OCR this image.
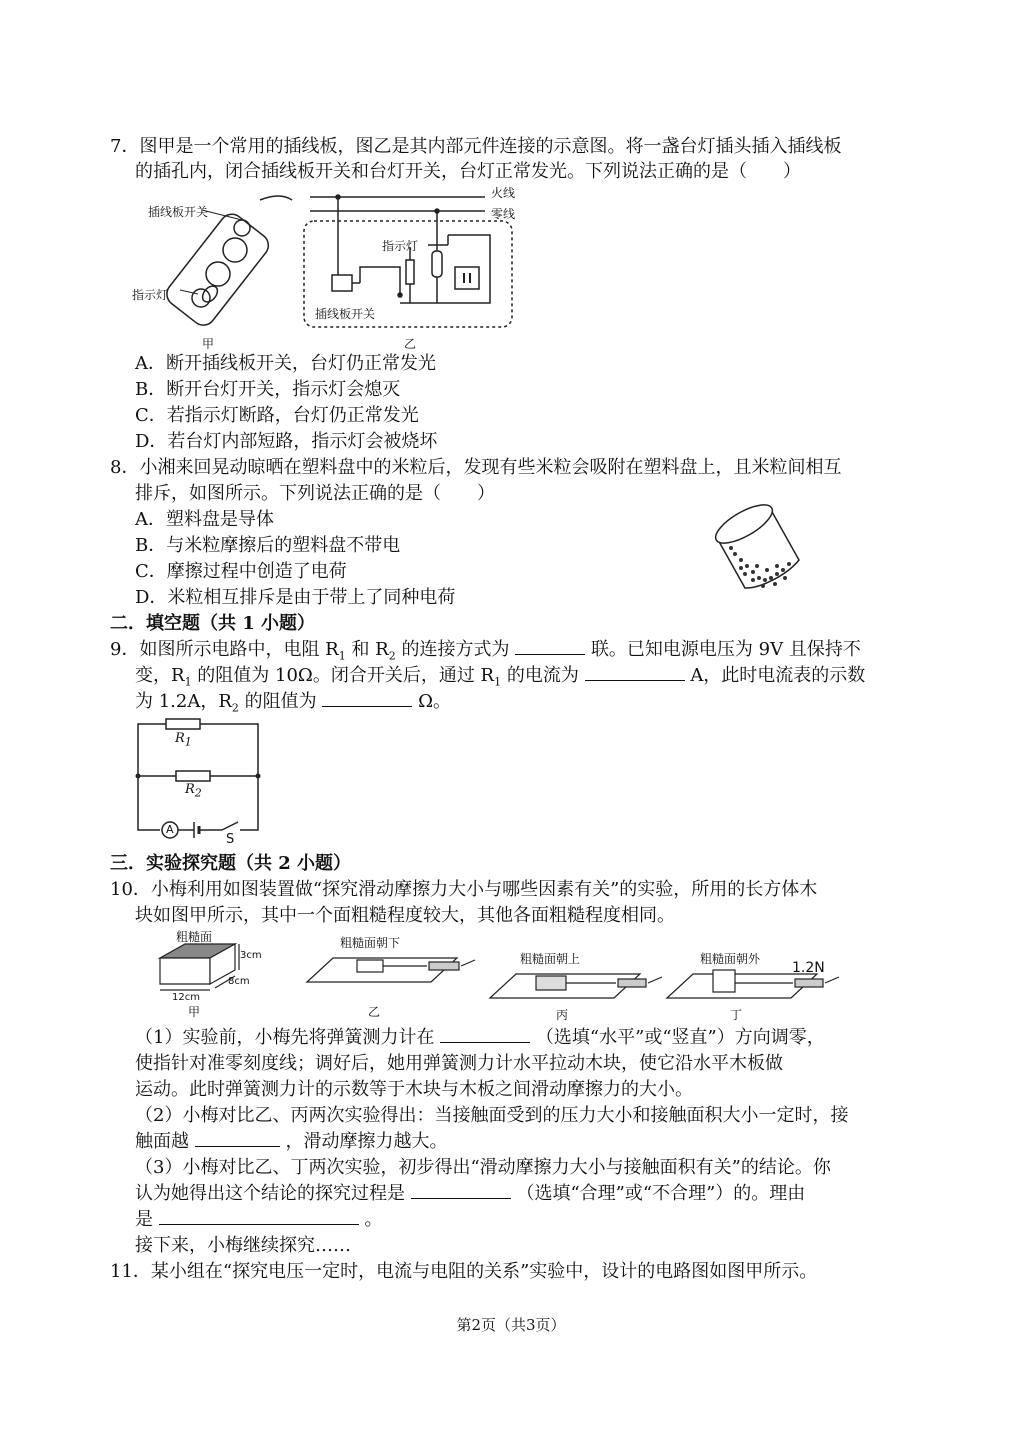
7．图甲是一个常用的插线板，图乙是其内部元件连接的示意图。将一盏台灯插头插入插线板
的插孔内，闭合插线板开关和台灯开关，台灯正常发光。下列说法正确的是（　　）
插线板开关
指示灯
甲
火线
零线
指示灯
插线板开关
乙
A．断开插线板开关，台灯仍正常发光
B．断开台灯开关，指示灯会熄灭
C．若指示灯断路，台灯仍正常发光
D．若台灯内部短路，指示灯会被烧坏
8．小湘来回晃动晾晒在塑料盘中的米粒后，发现有些米粒会吸附在塑料盘上，且米粒间相互
排斥，如图所示。下列说法正确的是（　　）
A．塑料盘是导体
B．与米粒摩擦后的塑料盘不带电
C．摩擦过程中创造了电荷
D．米粒相互排斥是由于带上了同种电荷
二．填空题（共 1 小题）
9．如图所示电路中，电阻 $R_1$ 和 $R_2$ 的连接方式为	联。已知电源电压为 9V 且保持不
变，$R_1$ 的阻值为 10Ω。闭合开关后，通过 $R_1$ 的电流为	A，此时电流表的示数
为 1.2A，$R_2$ 的阻值为	Ω。
$R_1$
$R_2$
A
S
三．实验探究题（共 2 小题）
10．小梅利用如图装置做“探究滑动摩擦力大小与哪些因素有关”的实验，所用的长方体木
块如图甲所示，其中一个面粗糙程度较大，其他各面粗糙程度相同。
粗糙面
3cm
8cm
12cm
甲
粗糙面朝下
乙
粗糙面朝上
丙
粗糙面朝外
1.2N
丁
（1）实验前，小梅先将弹簧测力计在	（选填“水平”或“竖直”）方向调零，
使指针对准零刻度线；调好后，她用弹簧测力计水平拉动木块，使它沿水平木板做
运动。此时弹簧测力计的示数等于木块与木板之间滑动摩擦力的大小。
（2）小梅对比乙、丙两次实验得出：当接触面受到的压力大小和接触面积大小一定时，接
触面越	，滑动摩擦力越大。
（3）小梅对比乙、丁两次实验，初步得出“滑动摩擦力大小与接触面积有关”的结论。你
认为她得出这个结论的探究过程是	（选填“合理”或“不合理”）的。理由
是	。
接下来，小梅继续探究……
11．某小组在“探究电压一定时，电流与电阻的关系”实验中，设计的电路图如图甲所示。
第2页（共3页）
